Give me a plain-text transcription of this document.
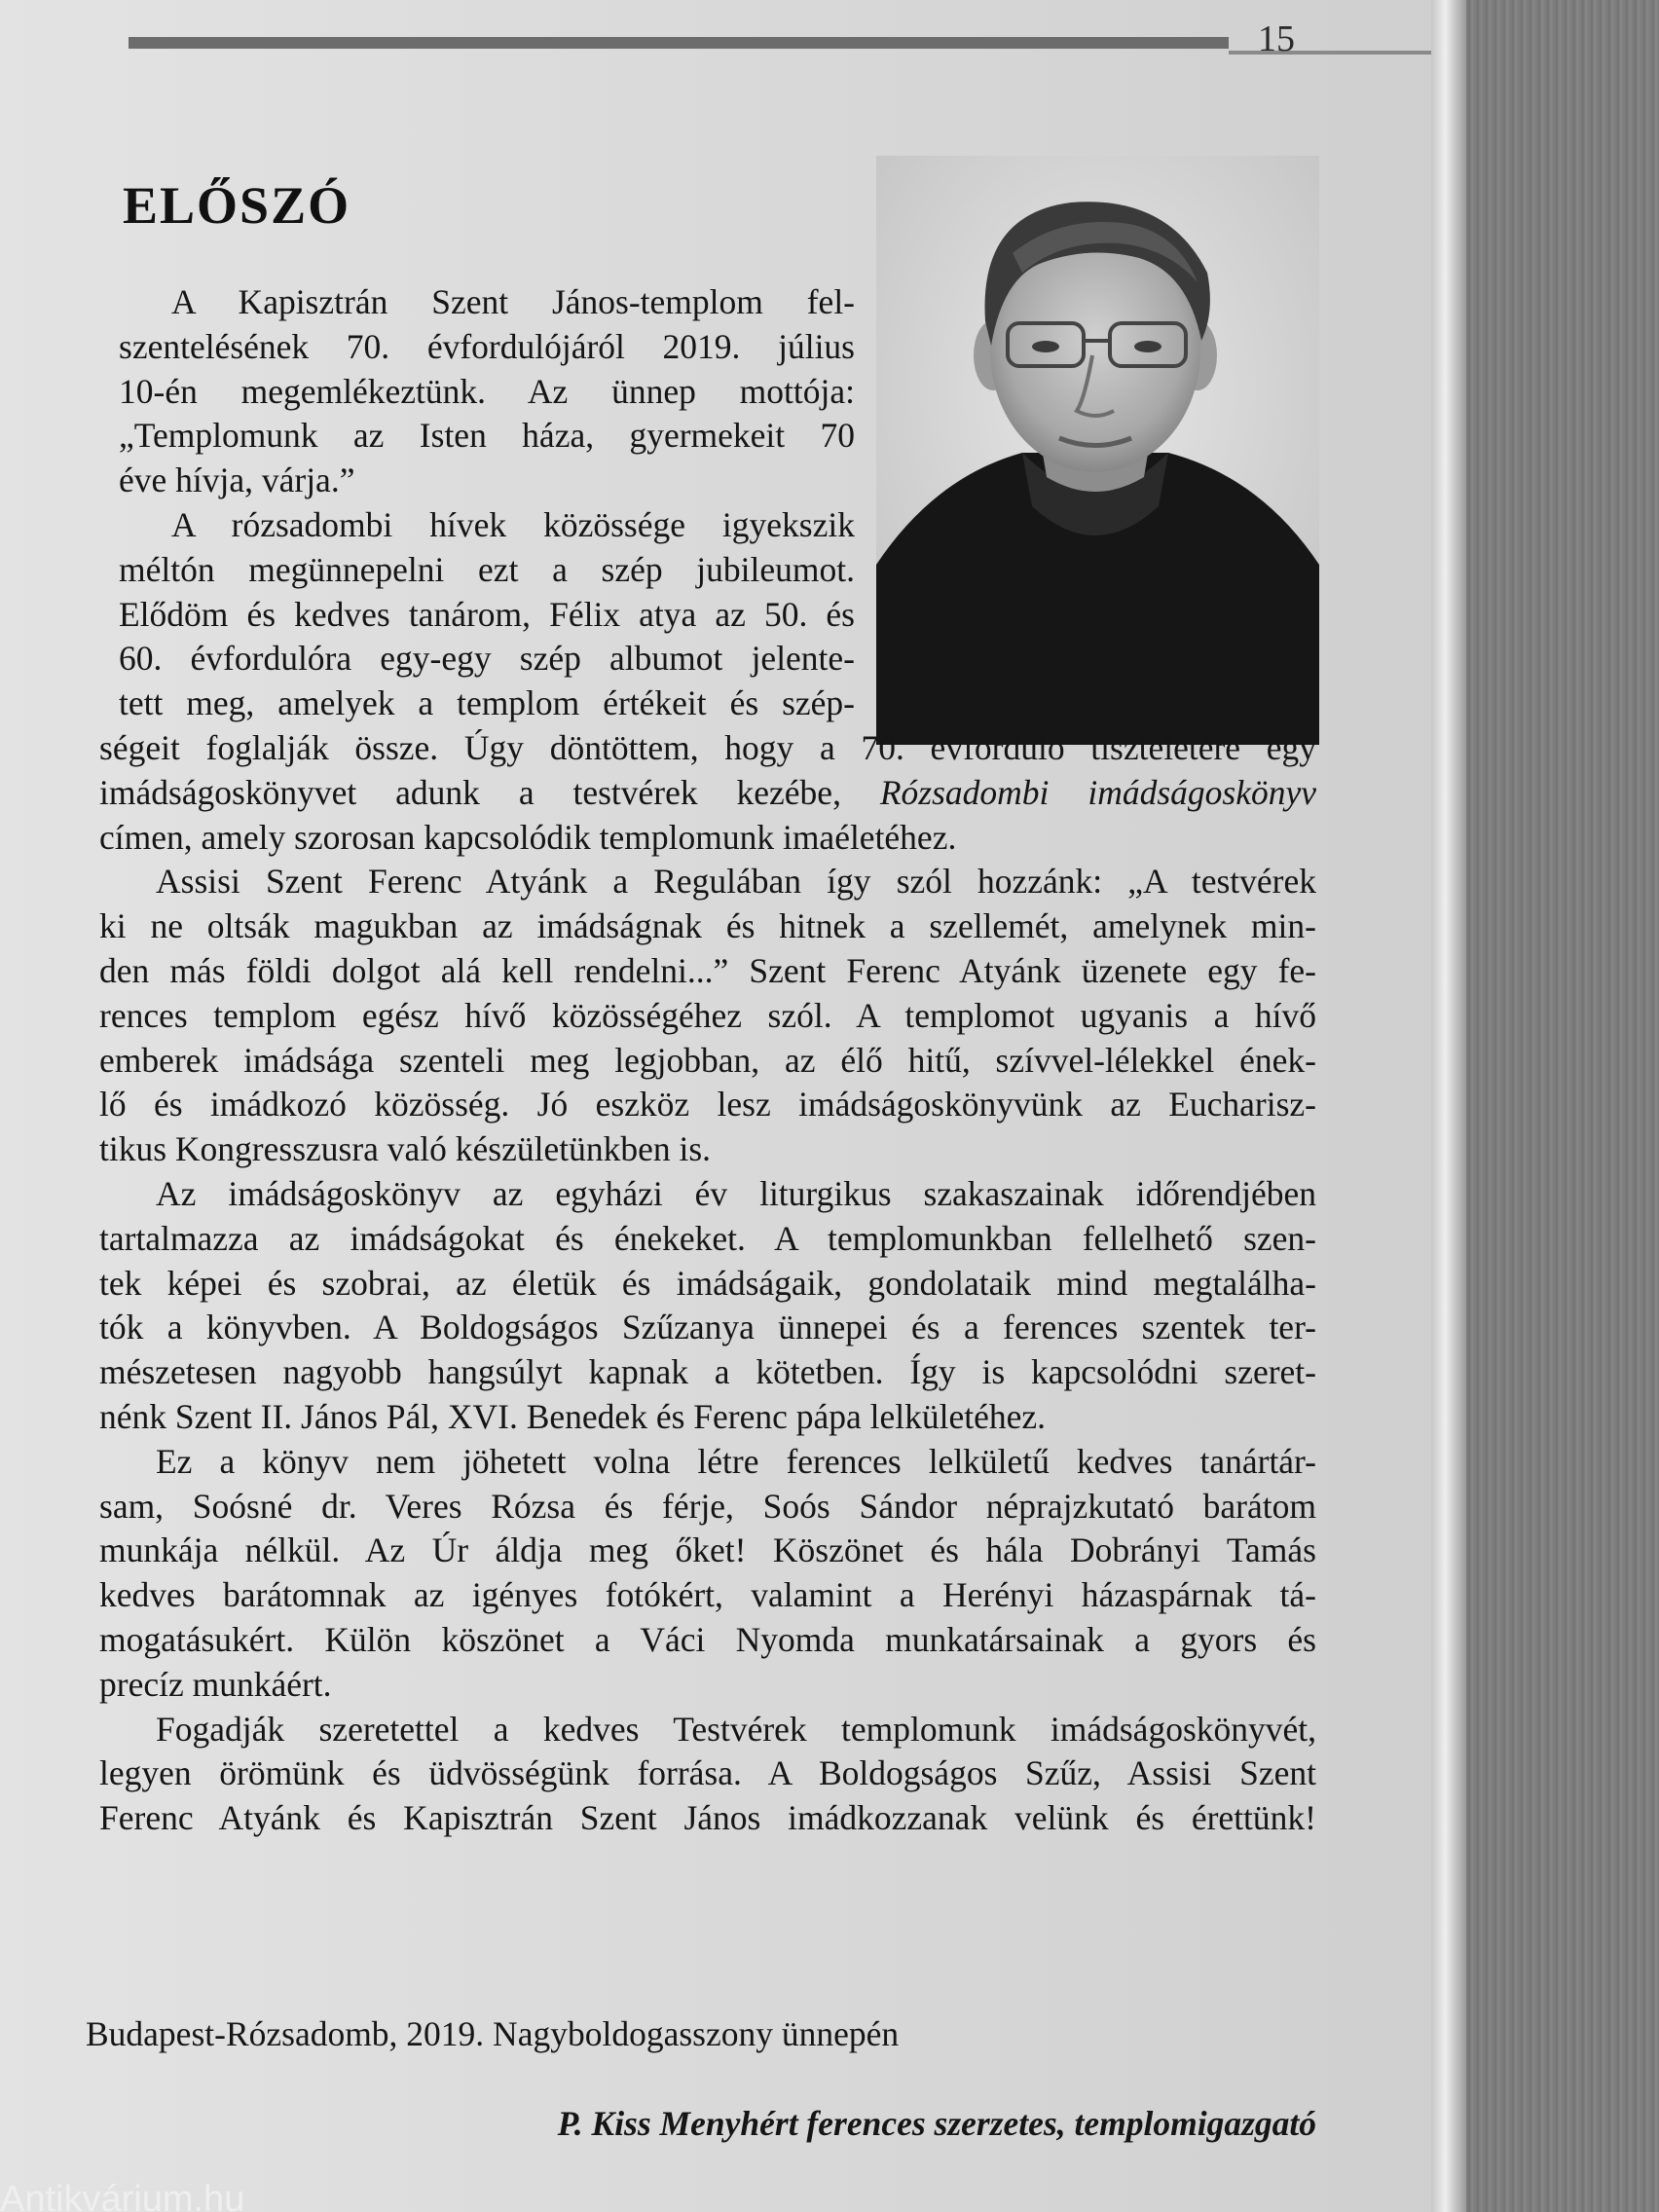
15
ELŐSZÓ
A Kapisztrán Szent János-templom fel-
szentelésének 70. évfordulójáról 2019. július
10-én megemlékeztünk. Az ünnep mottója:
„Templomunk az Isten háza, gyermekeit 70
éve hívja, várja.”
A rózsadombi hívek közössége igyekszik
méltón megünnepelni ezt a szép jubileumot.
Elődöm és kedves tanárom, Félix atya az 50. és
60. évfordulóra egy-egy szép albumot jelente-
tett meg, amelyek a templom értékeit és szép-
ségeit foglalják össze. Úgy döntöttem, hogy a 70. évforduló tiszteletére egy
imádságoskönyvet adunk a testvérek kezébe, Rózsadombi imádságoskönyv
címen, amely szorosan kapcsolódik templomunk imaéletéhez.
Assisi Szent Ferenc Atyánk a Regulában így szól hozzánk: „A testvérek
ki ne oltsák magukban az imádságnak és hitnek a szellemét, amelynek min-
den más földi dolgot alá kell rendelni...” Szent Ferenc Atyánk üzenete egy fe-
rences templom egész hívő közösségéhez szól. A templomot ugyanis a hívő
emberek imádsága szenteli meg legjobban, az élő hitű, szívvel-lélekkel ének-
lő és imádkozó közösség. Jó eszköz lesz imádságoskönyvünk az Eucharisz-
tikus Kongresszusra való készületünkben is.
Az imádságoskönyv az egyházi év liturgikus szakaszainak időrendjében
tartalmazza az imádságokat és énekeket. A templomunkban fellelhető szen-
tek képei és szobrai, az életük és imádságaik, gondolataik mind megtalálha-
tók a könyvben. A Boldogságos Szűzanya ünnepei és a ferences szentek ter-
mészetesen nagyobb hangsúlyt kapnak a kötetben. Így is kapcsolódni szeret-
nénk Szent II. János Pál, XVI. Benedek és Ferenc pápa lelkületéhez.
Ez a könyv nem jöhetett volna létre ferences lelkületű kedves tanártár-
sam, Soósné dr. Veres Rózsa és férje, Soós Sándor néprajzkutató barátom
munkája nélkül. Az Úr áldja meg őket! Köszönet és hála Dobrányi Tamás
kedves barátomnak az igényes fotókért, valamint a Herényi házaspárnak tá-
mogatásukért. Külön köszönet a Váci Nyomda munkatársainak a gyors és
precíz munkáért.
Fogadják szeretettel a kedves Testvérek templomunk imádságoskönyvét,
legyen örömünk és üdvösségünk forrása. A Boldogságos Szűz, Assisi Szent
Ferenc Atyánk és Kapisztrán Szent János imádkozzanak velünk és érettünk!
Budapest-Rózsadomb, 2019. Nagyboldogasszony ünnepén
P. Kiss Menyhért ferences szerzetes, templomigazgató
Antikvárium.hu
